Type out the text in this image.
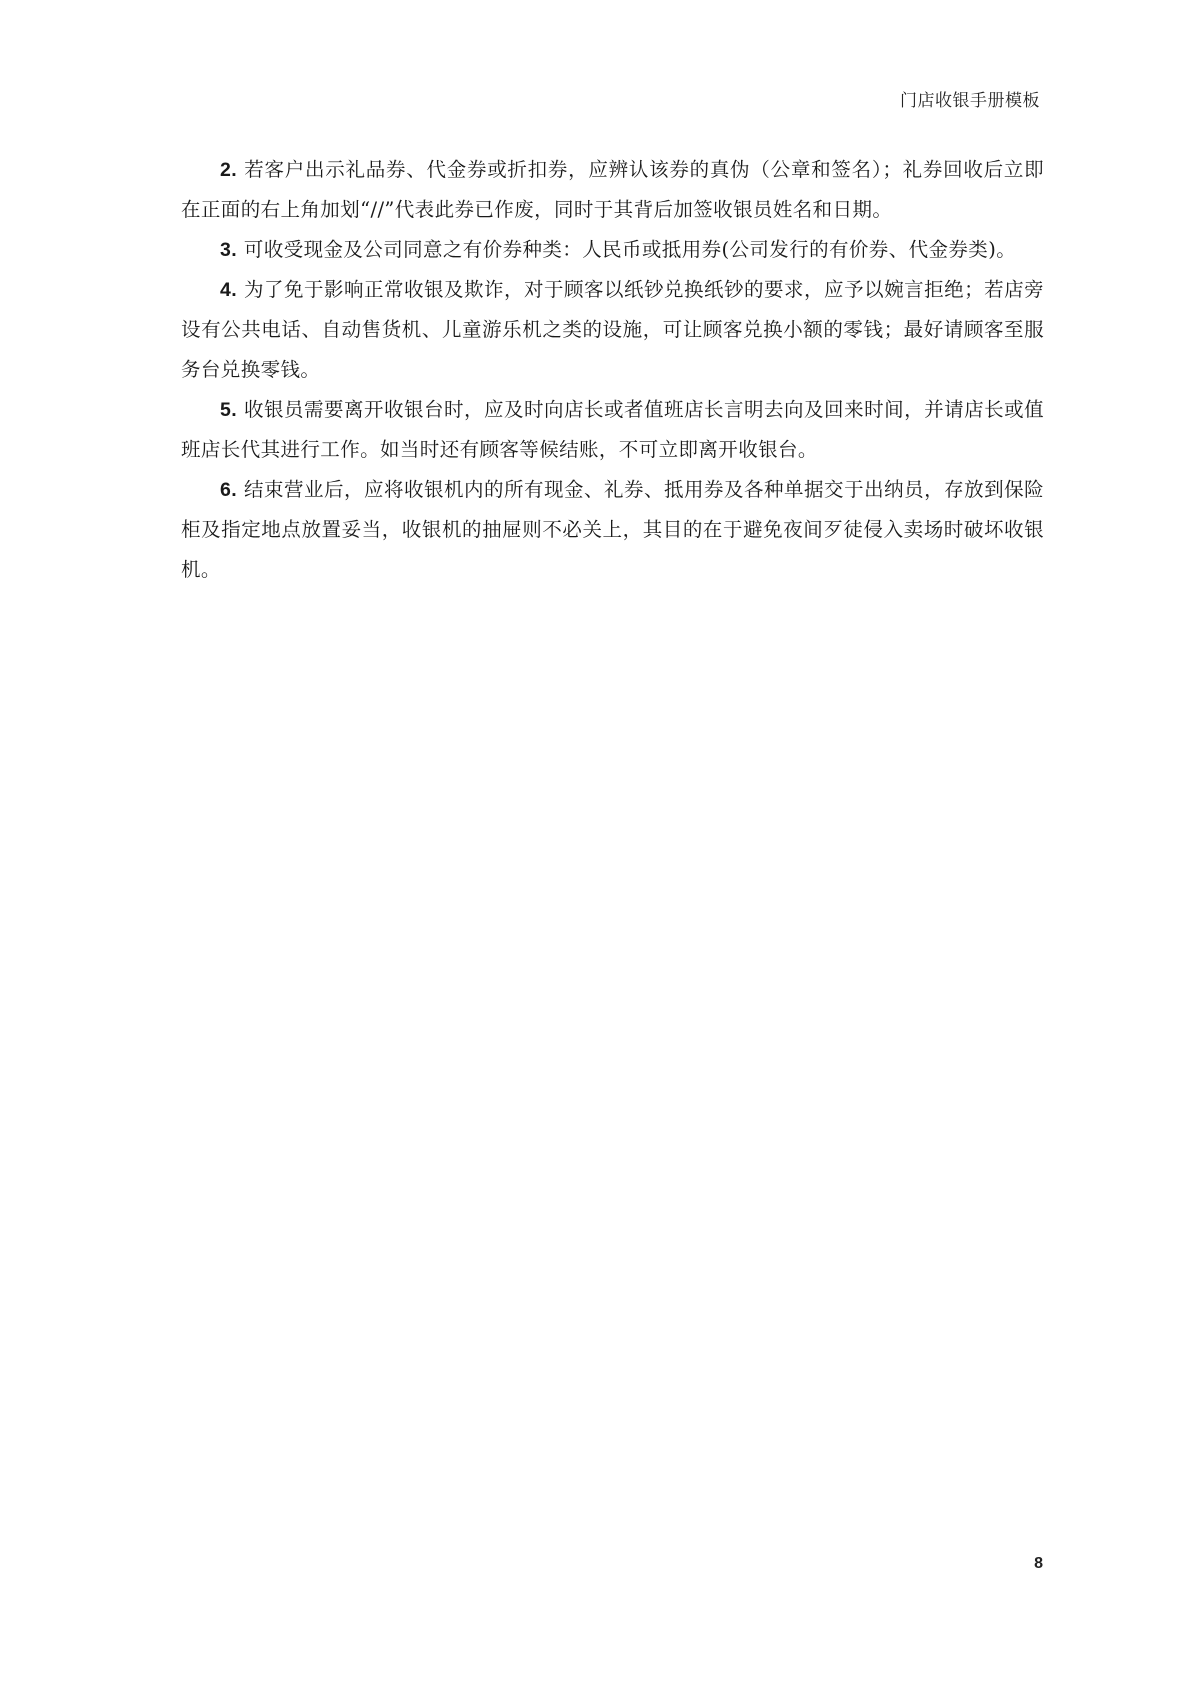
门店收银手册模板

2. 若客户出示礼品券、代金券或折扣券，应辨认该券的真伪（公章和签名）；礼券回收后立即在正面的右上角加划“//”代表此券已作废，同时于其背后加签收银员姓名和日期。

3. 可收受现金及公司同意之有价券种类：人民币或抵用券(公司发行的有价券、代金券类)。

4. 为了免于影响正常收银及欺诈，对于顾客以纸钞兑换纸钞的要求，应予以婉言拒绝；若店旁设有公共电话、自动售货机、儿童游乐机之类的设施，可让顾客兑换小额的零钱；最好请顾客至服务台兑换零钱。

5. 收银员需要离开收银台时，应及时向店长或者值班店长言明去向及回来时间，并请店长或值班店长代其进行工作。如当时还有顾客等候结账，不可立即离开收银台。

6. 结束营业后，应将收银机内的所有现金、礼券、抵用券及各种单据交于出纳员，存放到保险柜及指定地点放置妥当，收银机的抽屉则不必关上，其目的在于避免夜间歹徒侵入卖场时破坏收银机。

8
